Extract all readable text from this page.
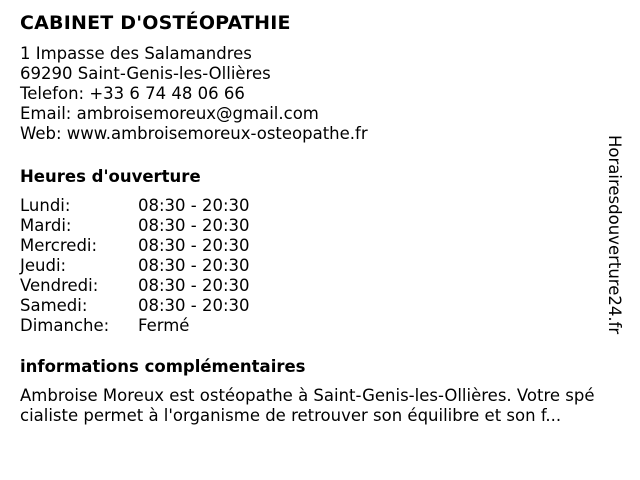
CABINET D'OSTÉOPATHIE
1 Impasse des Salamandres
69290 Saint-Genis-les-Ollières
Telefon: +33 6 74 48 06 66
Email: ambroisemoreux@gmail.com
Web: www.ambroisemoreux-osteopathe.fr
Heures d'ouverture
Lundi:	08:30 - 20:30
Mardi:	08:30 - 20:30
Mercredi:	08:30 - 20:30
Jeudi:	08:30 - 20:30
Vendredi:	08:30 - 20:30
Samedi:	08:30 - 20:30
Dimanche:	Fermé
informations complémentaires
Ambroise Moreux est ostéopathe à Saint-Genis-les-Ollières. Votre spé
cialiste permet à l'organisme de retrouver son équilibre et son f...
Horairesdouverture24.fr
